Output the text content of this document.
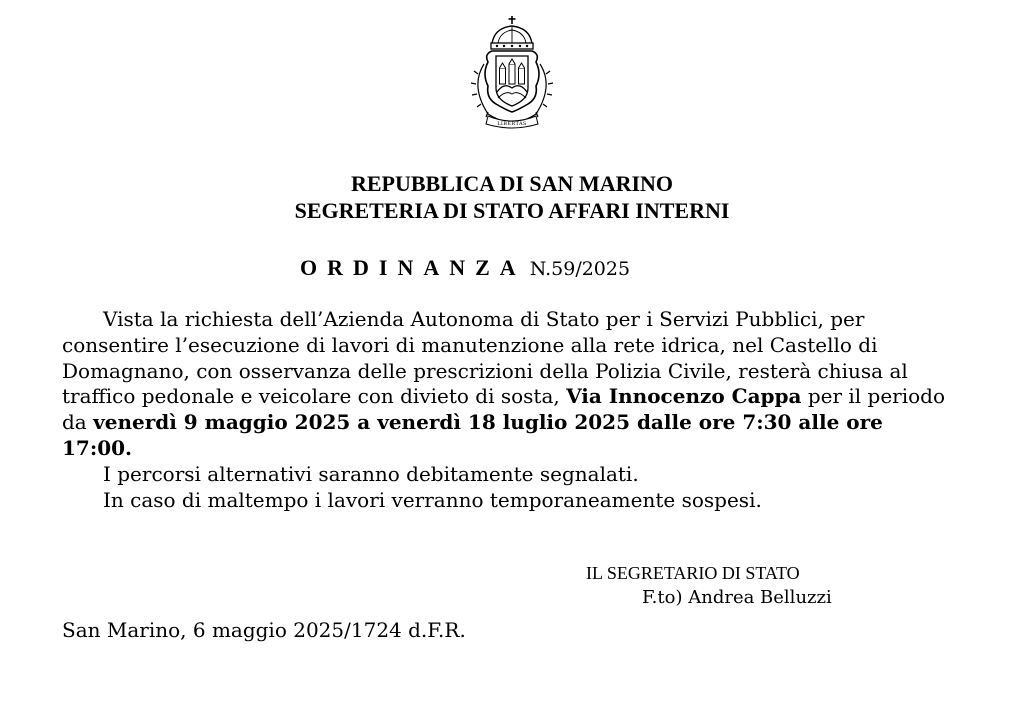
LIBERTAS
REPUBBLICA DI SAN MARINO
SEGRETERIA DI STATO AFFARI INTERNI
ORDINANZA N.59/2025

Vista la richiesta dell’Azienda Autonoma di Stato per i Servizi Pubblici, per consentire l’esecuzione di lavori di manutenzione alla rete idrica, nel Castello di Domagnano, con osservanza delle prescrizioni della Polizia Civile, resterà chiusa al traffico pedonale e veicolare con divieto di sosta, Via Innocenzo Cappa per il periodo da venerdì 9 maggio 2025 a venerdì 18 luglio 2025 dalle ore 7:30 alle ore 17:00.

I percorsi alternativi saranno debitamente segnalati.

In caso di maltempo i lavori verranno temporaneamente sospesi.

IL SEGRETARIO DI STATO
F.to) Andrea Belluzzi
San Marino, 6 maggio 2025/1724 d.F.R.
